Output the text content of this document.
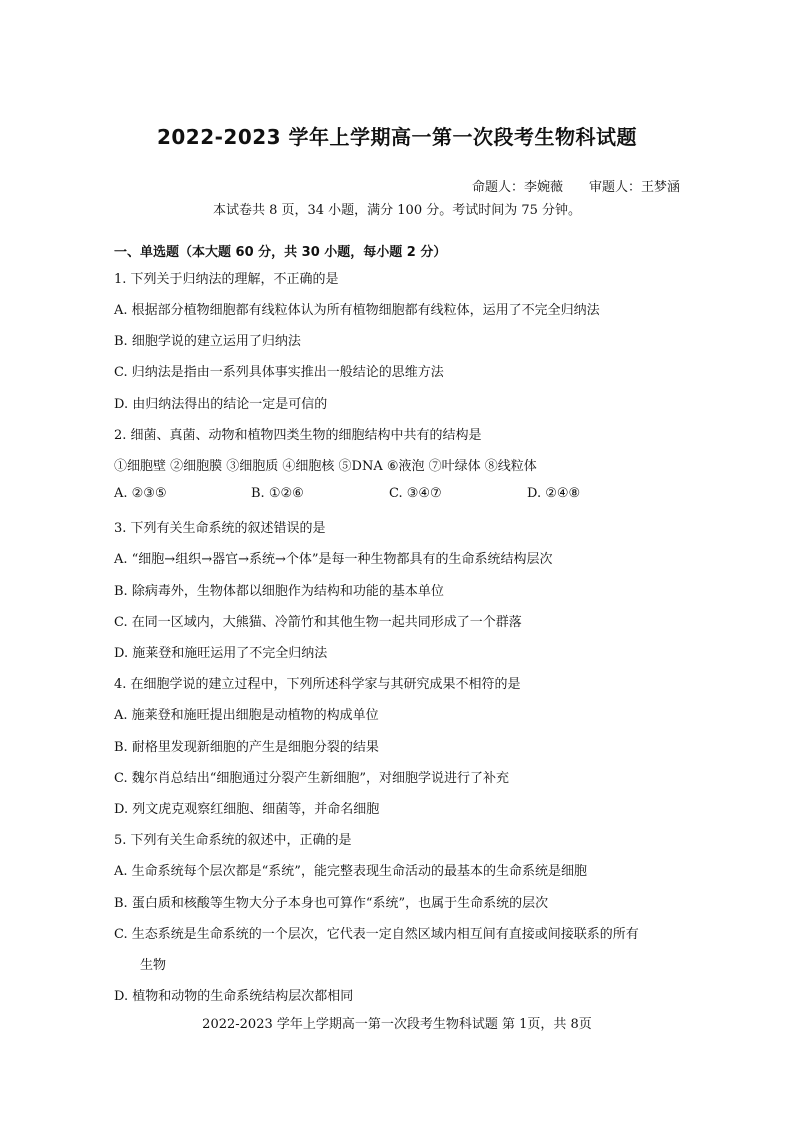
2022-2023 学年上学期高一第一次段考生物科试题
命题人：李婉薇 审题人：王梦涵
本试卷共 8 页，34 小题，满分 100 分。考试时间为 75 分钟。
一、单选题（本大题 60 分，共 30 小题，每小题 2 分）
1. 下列关于归纳法的理解，不正确的是
A. 根据部分植物细胞都有线粒体认为所有植物细胞都有线粒体，运用了不完全归纳法
B. 细胞学说的建立运用了归纳法
C. 归纳法是指由一系列具体事实推出一般结论的思维方法
D. 由归纳法得出的结论一定是可信的
2. 细菌、真菌、动物和植物四类生物的细胞结构中共有的结构是
①细胞壁 ②细胞膜 ③细胞质 ④细胞核 ⑤DNA ⑥液泡 ⑦叶绿体 ⑧线粒体
A. ②③⑤	B. ①②⑥	C. ③④⑦	D. ②④⑧
3. 下列有关生命系统的叙述错误的是
A. “细胞→组织→器官→系统→个体”是每一种生物都具有的生命系统结构层次
B. 除病毒外，生物体都以细胞作为结构和功能的基本单位
C. 在同一区域内，大熊猫、冷箭竹和其他生物一起共同形成了一个群落
D. 施莱登和施旺运用了不完全归纳法
4. 在细胞学说的建立过程中，下列所述科学家与其研究成果不相符的是
A. 施莱登和施旺提出细胞是动植物的构成单位
B. 耐格里发现新细胞的产生是细胞分裂的结果
C. 魏尔肖总结出“细胞通过分裂产生新细胞”，对细胞学说进行了补充
D. 列文虎克观察红细胞、细菌等，并命名细胞
5. 下列有关生命系统的叙述中，正确的是
A. 生命系统每个层次都是“系统”，能完整表现生命活动的最基本的生命系统是细胞
B. 蛋白质和核酸等生物大分子本身也可算作“系统”，也属于生命系统的层次
C. 生态系统是生命系统的一个层次，它代表一定自然区域内相互间有直接或间接联系的所有
生物
D. 植物和动物的生命系统结构层次都相同
2022-2023 学年上学期高一第一次段考生物科试题 第 1页，共 8页
